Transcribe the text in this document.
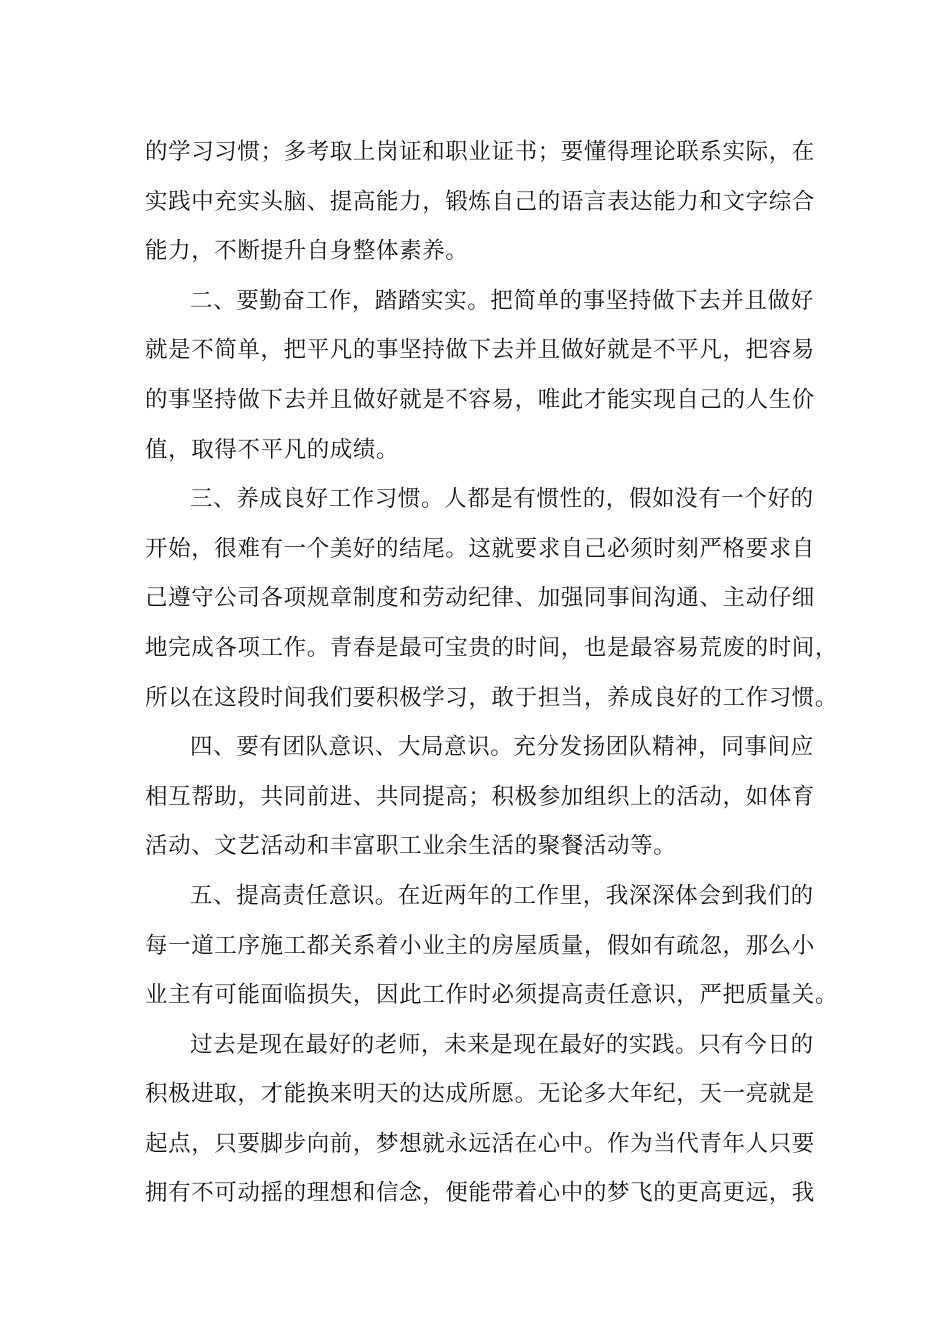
的学习习惯；多考取上岗证和职业证书；要懂得理论联系实际，在
实践中充实头脑、提高能力，锻炼自己的语言表达能力和文字综合
能力，不断提升自身整体素养。
二、要勤奋工作，踏踏实实。把简单的事坚持做下去并且做好
就是不简单，把平凡的事坚持做下去并且做好就是不平凡，把容易
的事坚持做下去并且做好就是不容易，唯此才能实现自己的人生价
值，取得不平凡的成绩。
三、养成良好工作习惯。人都是有惯性的，假如没有一个好的
开始，很难有一个美好的结尾。这就要求自己必须时刻严格要求自
己遵守公司各项规章制度和劳动纪律、加强同事间沟通、主动仔细
地完成各项工作。青春是最可宝贵的时间，也是最容易荒废的时间，
所以在这段时间我们要积极学习，敢于担当，养成良好的工作习惯。
四、要有团队意识、大局意识。充分发扬团队精神，同事间应
相互帮助，共同前进、共同提高；积极参加组织上的活动，如体育
活动、文艺活动和丰富职工业余生活的聚餐活动等。
五、提高责任意识。在近两年的工作里，我深深体会到我们的
每一道工序施工都关系着小业主的房屋质量，假如有疏忽，那么小
业主有可能面临损失，因此工作时必须提高责任意识，严把质量关。
过去是现在最好的老师，未来是现在最好的实践。只有今日的
积极进取，才能换来明天的达成所愿。无论多大年纪，天一亮就是
起点，只要脚步向前，梦想就永远活在心中。作为当代青年人只要
拥有不可动摇的理想和信念，便能带着心中的梦飞的更高更远，我
